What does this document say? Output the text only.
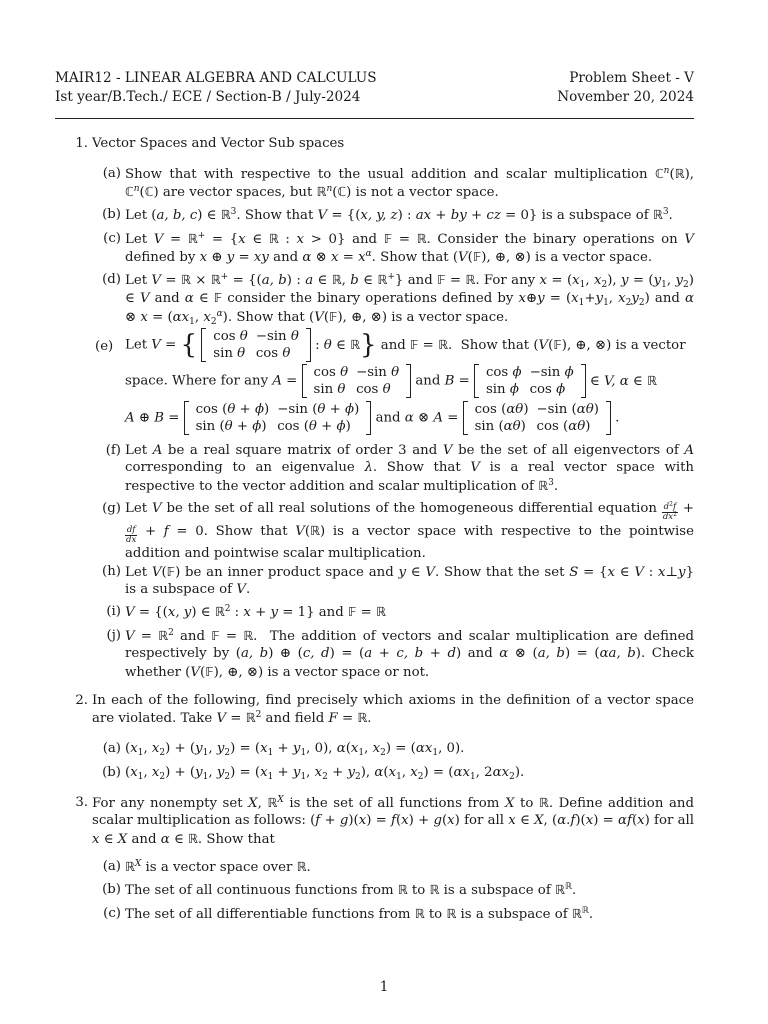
MAIR12 - LINEAR ALGEBRA AND CALCULUS
Ist year/B.Tech./ ECE / Section-B / July-2024
Problem Sheet - V
November 20, 2024
1. Vector Spaces and Vector Sub spaces
(a) Show that with respective to the usual addition and scalar multiplication ℂ$^n$(ℝ), ℂ$^n$(ℂ) are vector spaces, but ℝ$^n$(ℂ) is not a vector space.
(b) Let (a, b, c) ∈ ℝ$^3$. Show that V = {(x, y, z) : ax + by + cz = 0} is a subspace of ℝ$^3$.
(c) Let V = ℝ+ = {x ∈ ℝ : x > 0} and 𝔽 = ℝ. Consider the binary operations on V defined by x ⊕ y = xy and α ⊗ $x = x^\alpha$. Show that (V(𝔽), ⊕, ⊗) is a vector space.
(d) Let V = ℝ × ℝ+ = {(a, b) : a ∈ ℝ, b ∈ ℝ+} and 𝔽 = ℝ. For any $x = (x_1$, $x_2$), $y = (y_1$, $y_2$) ∈ V and α ∈ 𝔽 consider the binary operations defined by x⊕y = ($x_1+y_1$, $x_2y_2$) and α ⊗ $x = (\alpha x_1$, $x_2^\alpha$). Show that (V(𝔽), ⊕, ⊗) is a vector space.
(e) Let V = { cos θ	−sin θ
sin θ	cos θ
: θ ∈ ℝ} and 𝔽 = ℝ.  Show that (V(𝔽), ⊕, ⊗) is a vector
space. Where for any A =
cos θ	−sin θ
sin θ	cos θ
and B =
cos ϕ	−sin ϕ
sin ϕ	cos ϕ
∈ V, α ∈ ℝ
A ⊕ B =
cos (θ + ϕ)	−sin (θ + ϕ)
sin (θ + ϕ)	cos (θ + ϕ)
and α ⊗ A =
cos (αθ)	−sin (αθ)
sin (αθ)	cos (αθ)
.
(f) Let A be a real square matrix of order 3 and V be the set of all eigenvectors of A corresponding to an eigenvalue λ. Show that V is a real vector space with respective to the vector addition and scalar multiplication of ℝ$^3$.
(g) Let V be the set of all real solutions of the homogeneous differential equation $\frac{d^2f}{dx^2}$ +
$\frac{df}{dx} + f = 0$. Show that V(ℝ) is a vector space with respective to the pointwise addition and pointwise scalar multiplication.
(h) Let V(𝔽) be an inner product space and y ∈ V. Show that the set S = {x ∈ V : x⊥y} is a subspace of V.
(i) V = {(x, y) ∈ ℝ$^2$ : x + y = 1} and 𝔽 = ℝ
(j) V = ℝ$^2$ and 𝔽 = ℝ.  The addition of vectors and scalar multiplication are defined respectively by (a, b) ⊕ (c, d) = (a + c, b + d) and α ⊗ (a, b) = (αa, b). Check whether (V(𝔽), ⊕, ⊗) is a vector space or not.
2. In each of the following, find precisely which axioms in the definition of a vector space are violated. Take V = ℝ$^2$ and field F = ℝ.
(a) ($x_1$, $x_2) + (y_1$, $y_2) = (x_1 + y_1$, 0), $\alpha(x_1$, $x_2) = (\alpha x_1$, 0).
(b) ($x_1$, $x_2) + (y_1$, $y_2) = (x_1 + y_1$, $x_2 + y_2$), $\alpha(x_1$, $x_2) = (\alpha x_1$, $2\alpha x_2$).
3. For any nonempty set X, ℝ$^X$ is the set of all functions from X to ℝ. Define addition and scalar multiplication as follows: (f + g)(x) = f(x) + g(x) for all x ∈ X, (α.f)(x) = αf(x) for all x ∈ X and α ∈ ℝ. Show that
(a) ℝ$^X$ is a vector space over ℝ.
(b) The set of all continuous functions from ℝ to ℝ is a subspace of ℝ$^ℝ$.
(c) The set of all differentiable functions from ℝ to ℝ is a subspace of ℝ$^ℝ$.
1
